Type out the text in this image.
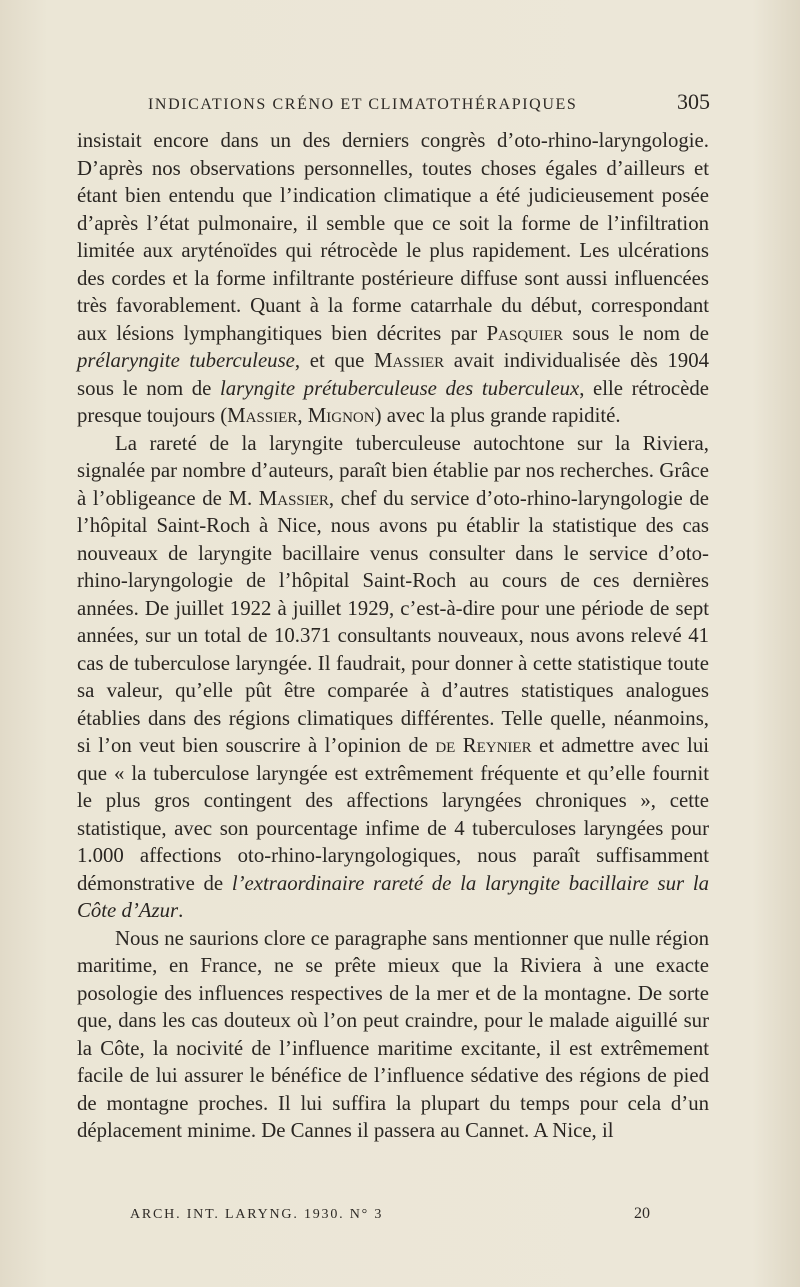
INDICATIONS CRÉNO ET CLIMATOTHÉRAPIQUES	305

insistait encore dans un des derniers congrès d’oto-rhino-laryngologie. D’après nos observations personnelles, toutes choses égales d’ailleurs et étant bien entendu que l’indication climatique a été judicieusement posée d’après l’état pulmonaire, il semble que ce soit la forme de l’infiltration limitée aux aryténoïdes qui rétrocède le plus rapidement. Les ulcérations des cordes et la forme infiltrante postérieure diffuse sont aussi influencées très favorablement. Quant à la forme catarrhale du début, correspondant aux lésions lymphangitiques bien décrites par Pasquier sous le nom de prélaryngite tuberculeuse, et que Massier avait individualisée dès 1904 sous le nom de laryngite prétuberculeuse des tuberculeux, elle rétrocède presque toujours (Massier, Mignon) avec la plus grande rapidité.

La rareté de la laryngite tuberculeuse autochtone sur la Riviera, signalée par nombre d’auteurs, paraît bien établie par nos recherches. Grâce à l’obligeance de M. Massier, chef du service d’oto-rhino-laryngologie de l’hôpital Saint-Roch à Nice, nous avons pu établir la statistique des cas nouveaux de laryngite bacillaire venus consulter dans le service d’oto-rhino-laryngologie de l’hôpital Saint-Roch au cours de ces dernières années. De juillet 1922 à juillet 1929, c’est-à-dire pour une période de sept années, sur un total de 10.371 consultants nouveaux, nous avons relevé 41 cas de tuberculose laryngée. Il faudrait, pour donner à cette statistique toute sa valeur, qu’elle pût être comparée à d’autres statistiques analogues établies dans des régions climatiques différentes. Telle quelle, néanmoins, si l’on veut bien souscrire à l’opinion de de Reynier et admettre avec lui que « la tuberculose laryngée est extrêmement fréquente et qu’elle fournit le plus gros contingent des affections laryngées chroniques », cette statistique, avec son pourcentage infime de 4 tuberculoses laryngées pour 1.000 affections oto-rhino-laryngologiques, nous paraît suffisamment démonstrative de l’extraordinaire rareté de la laryngite bacillaire sur la Côte d’Azur.

Nous ne saurions clore ce paragraphe sans mentionner que nulle région maritime, en France, ne se prête mieux que la Riviera à une exacte posologie des influences respectives de la mer et de la montagne. De sorte que, dans les cas douteux où l’on peut craindre, pour le malade aiguillé sur la Côte, la nocivité de l’influence maritime excitante, il est extrêmement facile de lui assurer le bénéfice de l’influence sédative des régions de pied de montagne proches. Il lui suffira la plupart du temps pour cela d’un déplacement minime. De Cannes il passera au Cannet. A Nice, il

ARCH. INT. LARYNG. 1930. N° 3	20
